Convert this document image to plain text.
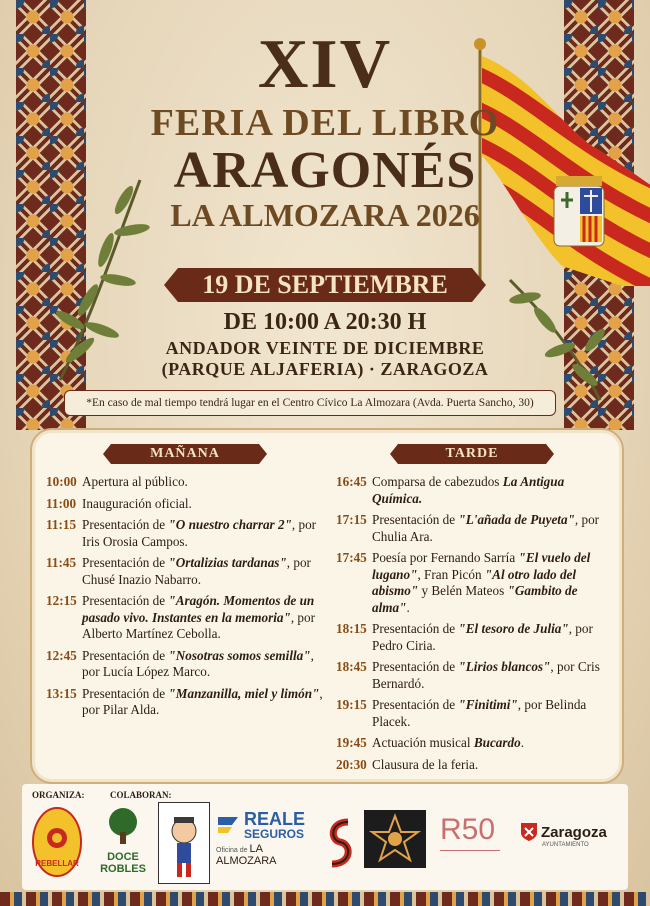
XIV
FERIA DEL LIBRO
ARAGONÉS
LA ALMOZARA 2026
19 DE SEPTIEMBRE
DE 10:00 A 20:30 H
ANDADOR VEINTE DE DICIEMBRE
(PARQUE ALJAFERIA) · ZARAGOZA
*En caso de mal tiempo tendrá lugar en el Centro Cívico La Almozara (Avda. Puerta Sancho, 30)
MAÑANA
10:00 Apertura al público.
11:00 Inauguración oficial.
11:15 Presentación de "O nuestro charrar 2", por Iris Orosia Campos.
11:45 Presentación de "Ortalizias tardanas", por Chusé Inazio Nabarro.
12:15 Presentación de "Aragón. Momentos de un pasado vivo. Instantes en la memoria", por Alberto Martínez Cebolla.
12:45 Presentación de "Nosotras somos semilla", por Lucía López Marco.
13:15 Presentación de "Manzanilla, miel y limón", por Pilar Alda.
TARDE
16:45 Comparsa de cabezudos La Antigua Química.
17:15 Presentación de "L'añada de Puyeta", por Chulia Ara.
17:45 Poesía por Fernando Sarría "El vuelo del lugano", Fran Picón "Al otro lado del abismo" y Belén Mateos "Gambito de alma".
18:15 Presentación de "El tesoro de Julia", por Pedro Ciria.
18:45 Presentación de "Lirios blancos", por Cris Bernardó.
19:15 Presentación de "Finitimi", por Belinda Placek.
19:45 Actuación musical Bucardo.
20:30 Clausura de la feria.
ORGANIZA:	COLABORAN:
REBELLAR
DOCE
ROBLES
REALE
SEGUROS
Oficina de LA ALMOZARA
R50	Zaragoza
AYUNTAMIENTO
